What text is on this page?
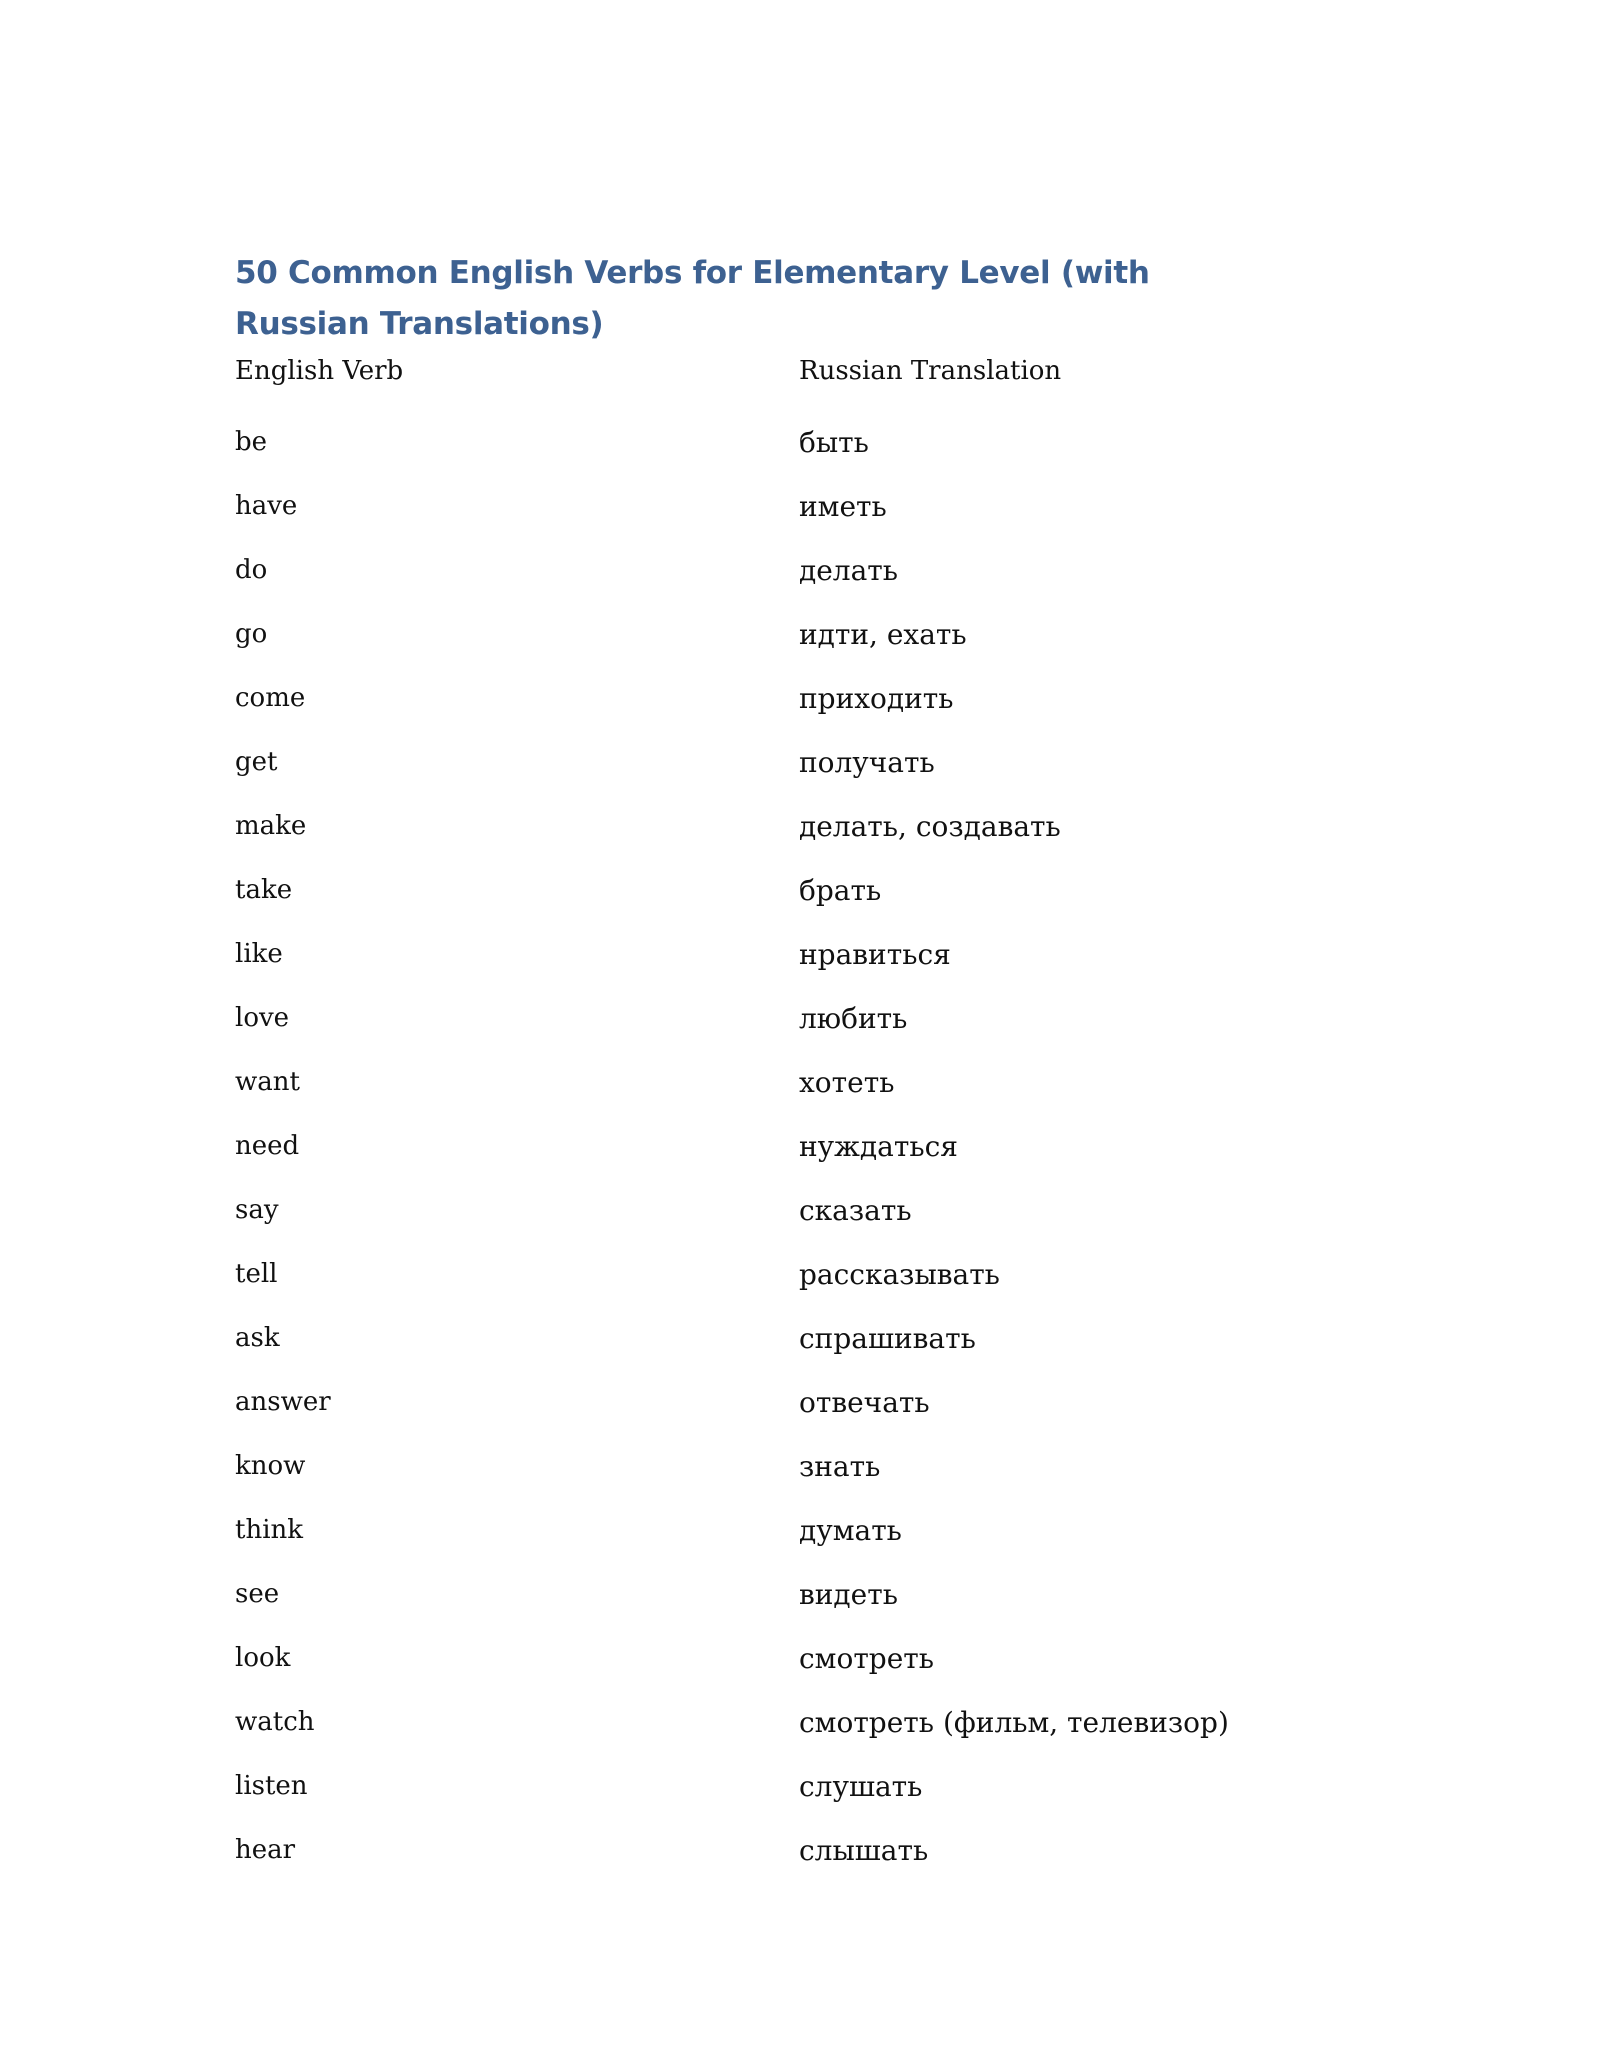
50 Common English Verbs for Elementary Level (with Russian Translations)
English Verb	Russian Translation
be	быть
have	иметь
do	делать
go	идти, ехать
come	приходить
get	получать
make	делать, создавать
take	брать
like	нравиться
love	любить
want	хотеть
need	нуждаться
say	сказать
tell	рассказывать
ask	спрашивать
answer	отвечать
know	знать
think	думать
see	видеть
look	смотреть
watch	смотреть (фильм, телевизор)
listen	слушать
hear	слышать
